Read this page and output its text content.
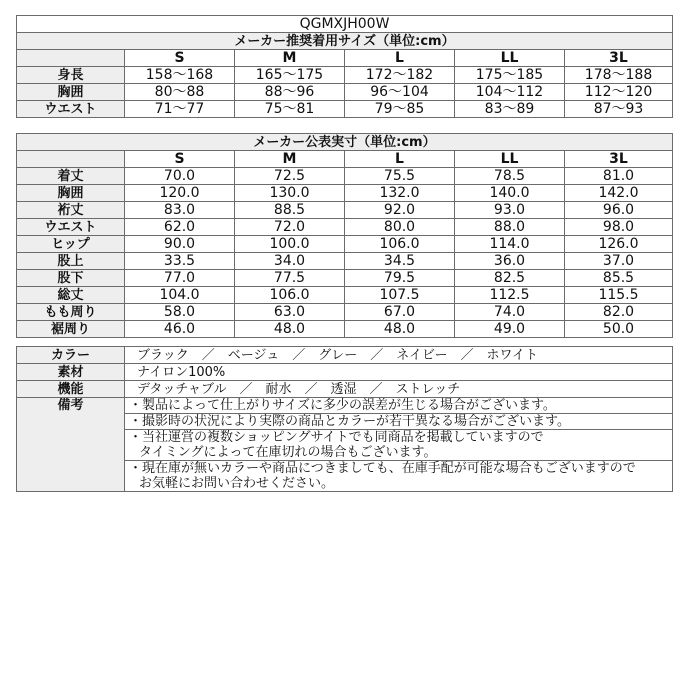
QGMXJH00W					
メーカー推奨着用サイズ（単位:cm）					
	S	M	L	LL	3L
身長	158～168	165～175	172～182	175～185	178～188
胸囲	80～88	88～96	96～104	104～112	112～120
ウエスト	71～77	75～81	79～85	83～89	87～93
メーカー公表実寸（単位:cm）					
	S	M	L	LL	3L
着丈	70.0	72.5	75.5	78.5	81.0
胸囲	120.0	130.0	132.0	140.0	142.0
裄丈	83.0	88.5	92.0	93.0	96.0
ウエスト	62.0	72.0	80.0	88.0	98.0
ヒップ	90.0	100.0	106.0	114.0	126.0
股上	33.5	34.0	34.5	36.0	37.0
股下	77.0	77.5	79.5	82.5	85.5
総丈	104.0	106.0	107.5	112.5	115.5
もも周り	58.0	63.0	67.0	74.0	82.0
裾周り	46.0	48.0	48.0	49.0	50.0
カラー	ブラック　／　ベージュ　／　グレー　／　ネイビー　／　ホワイト
素材	ナイロン100%
機能	デタッチャブル　／　耐水　／　透湿　／　ストレッチ
備考	・製品によって仕上がりサイズに多少の誤差が生じる場合がございます。
	・撮影時の状況により実際の商品とカラーが若干異なる場合がございます。
	・当社運営の複数ショッピングサイトでも同商品を掲載していますので
	タイミングによって在庫切れの場合もございます。
	・現在庫が無いカラーや商品につきましても、在庫手配が可能な場合もございますので
	お気軽にお問い合わせください。
